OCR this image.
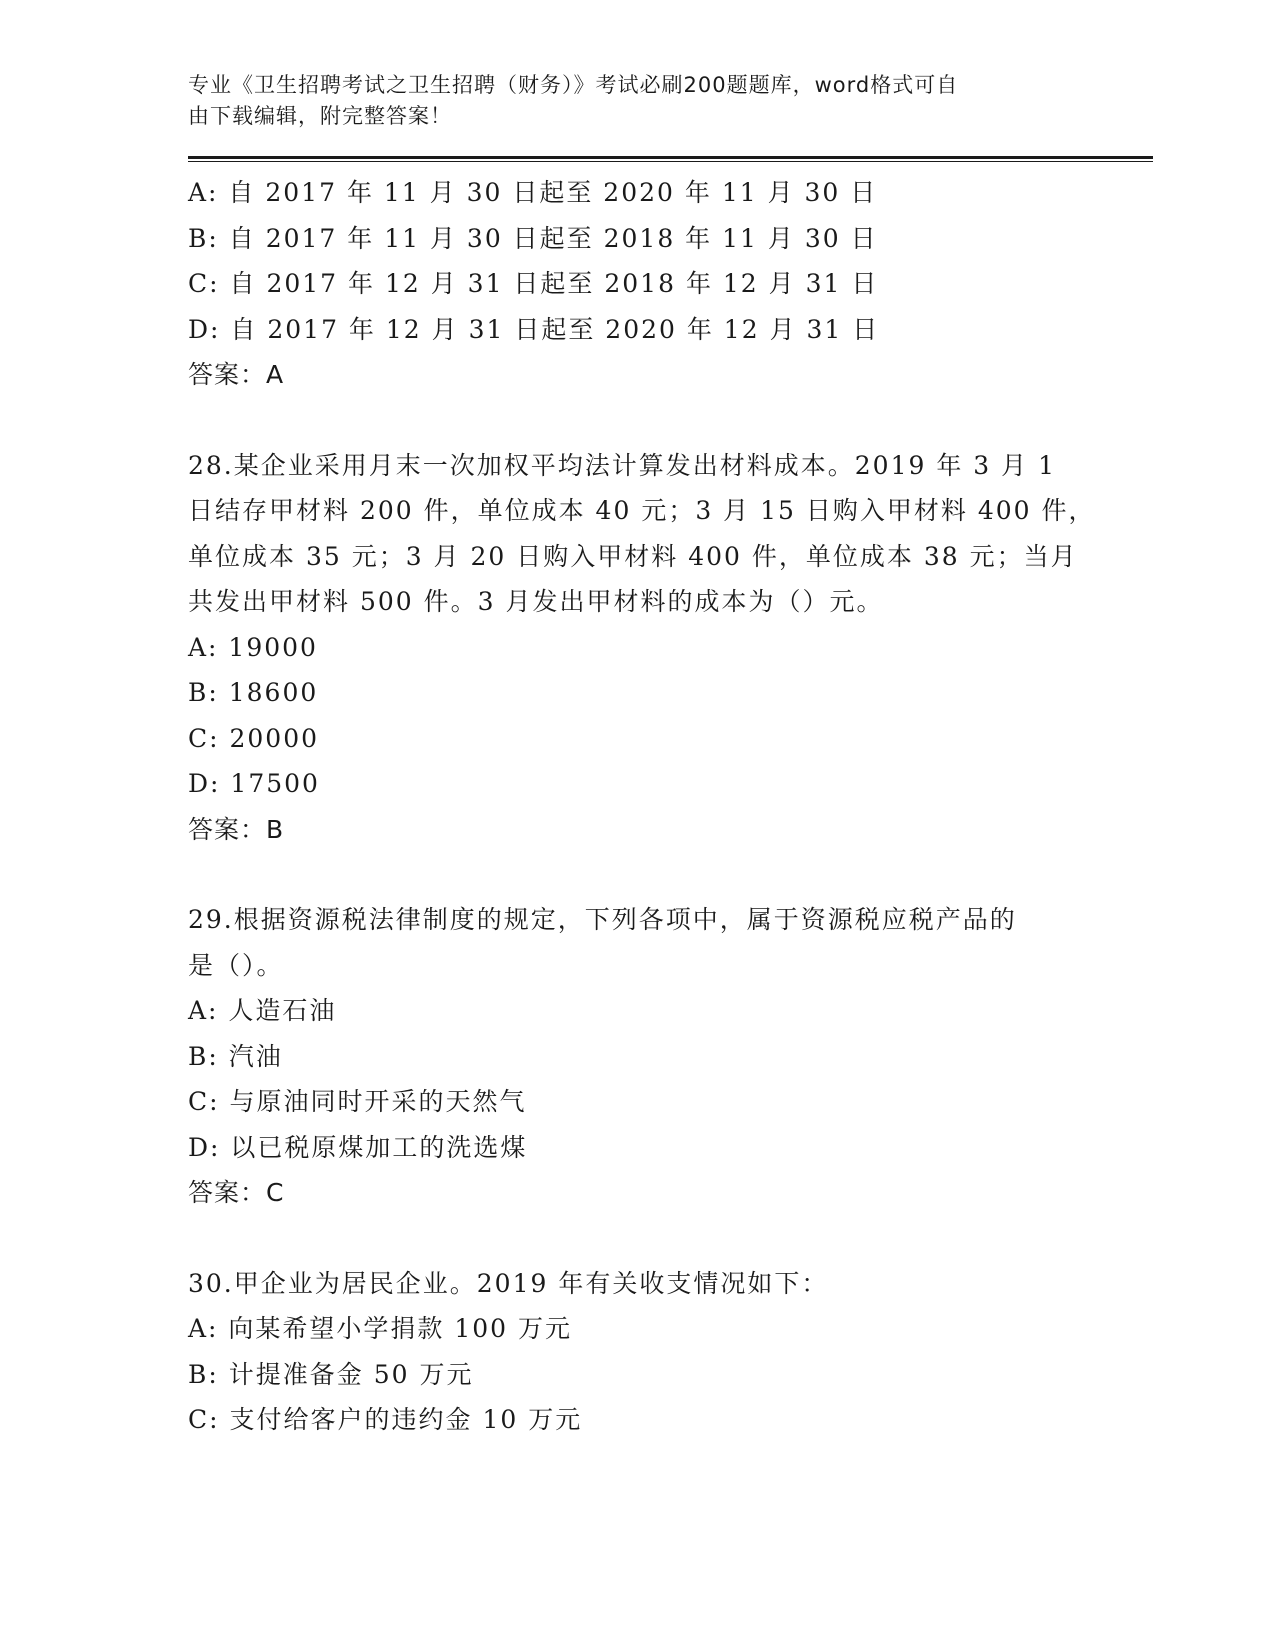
专业《卫生招聘考试之卫生招聘（财务）》考试必刷200题题库，word格式可自
由下载编辑，附完整答案！
A: 自 2017 年 11 月 30 日起至 2020 年 11 月 30 日
B: 自 2017 年 11 月 30 日起至 2018 年 11 月 30 日
C: 自 2017 年 12 月 31 日起至 2018 年 12 月 31 日
D: 自 2017 年 12 月 31 日起至 2020 年 12 月 31 日
答案：A
28.某企业采用月末一次加权平均法计算发出材料成本。2019 年 3 月 1
日结存甲材料 200 件，单位成本 40 元；3 月 15 日购入甲材料 400 件，
单位成本 35 元；3 月 20 日购入甲材料 400 件，单位成本 38 元；当月
共发出甲材料 500 件。3 月发出甲材料的成本为（）元。
A: 19000
B: 18600
C: 20000
D: 17500
答案：B
29.根据资源税法律制度的规定，下列各项中，属于资源税应税产品的
是（）。
A: 人造石油
B: 汽油
C: 与原油同时开采的天然气
D: 以已税原煤加工的洗选煤
答案：C
30.甲企业为居民企业。2019 年有关收支情况如下：
A: 向某希望小学捐款 100 万元
B: 计提准备金 50 万元
C: 支付给客户的违约金 10 万元
